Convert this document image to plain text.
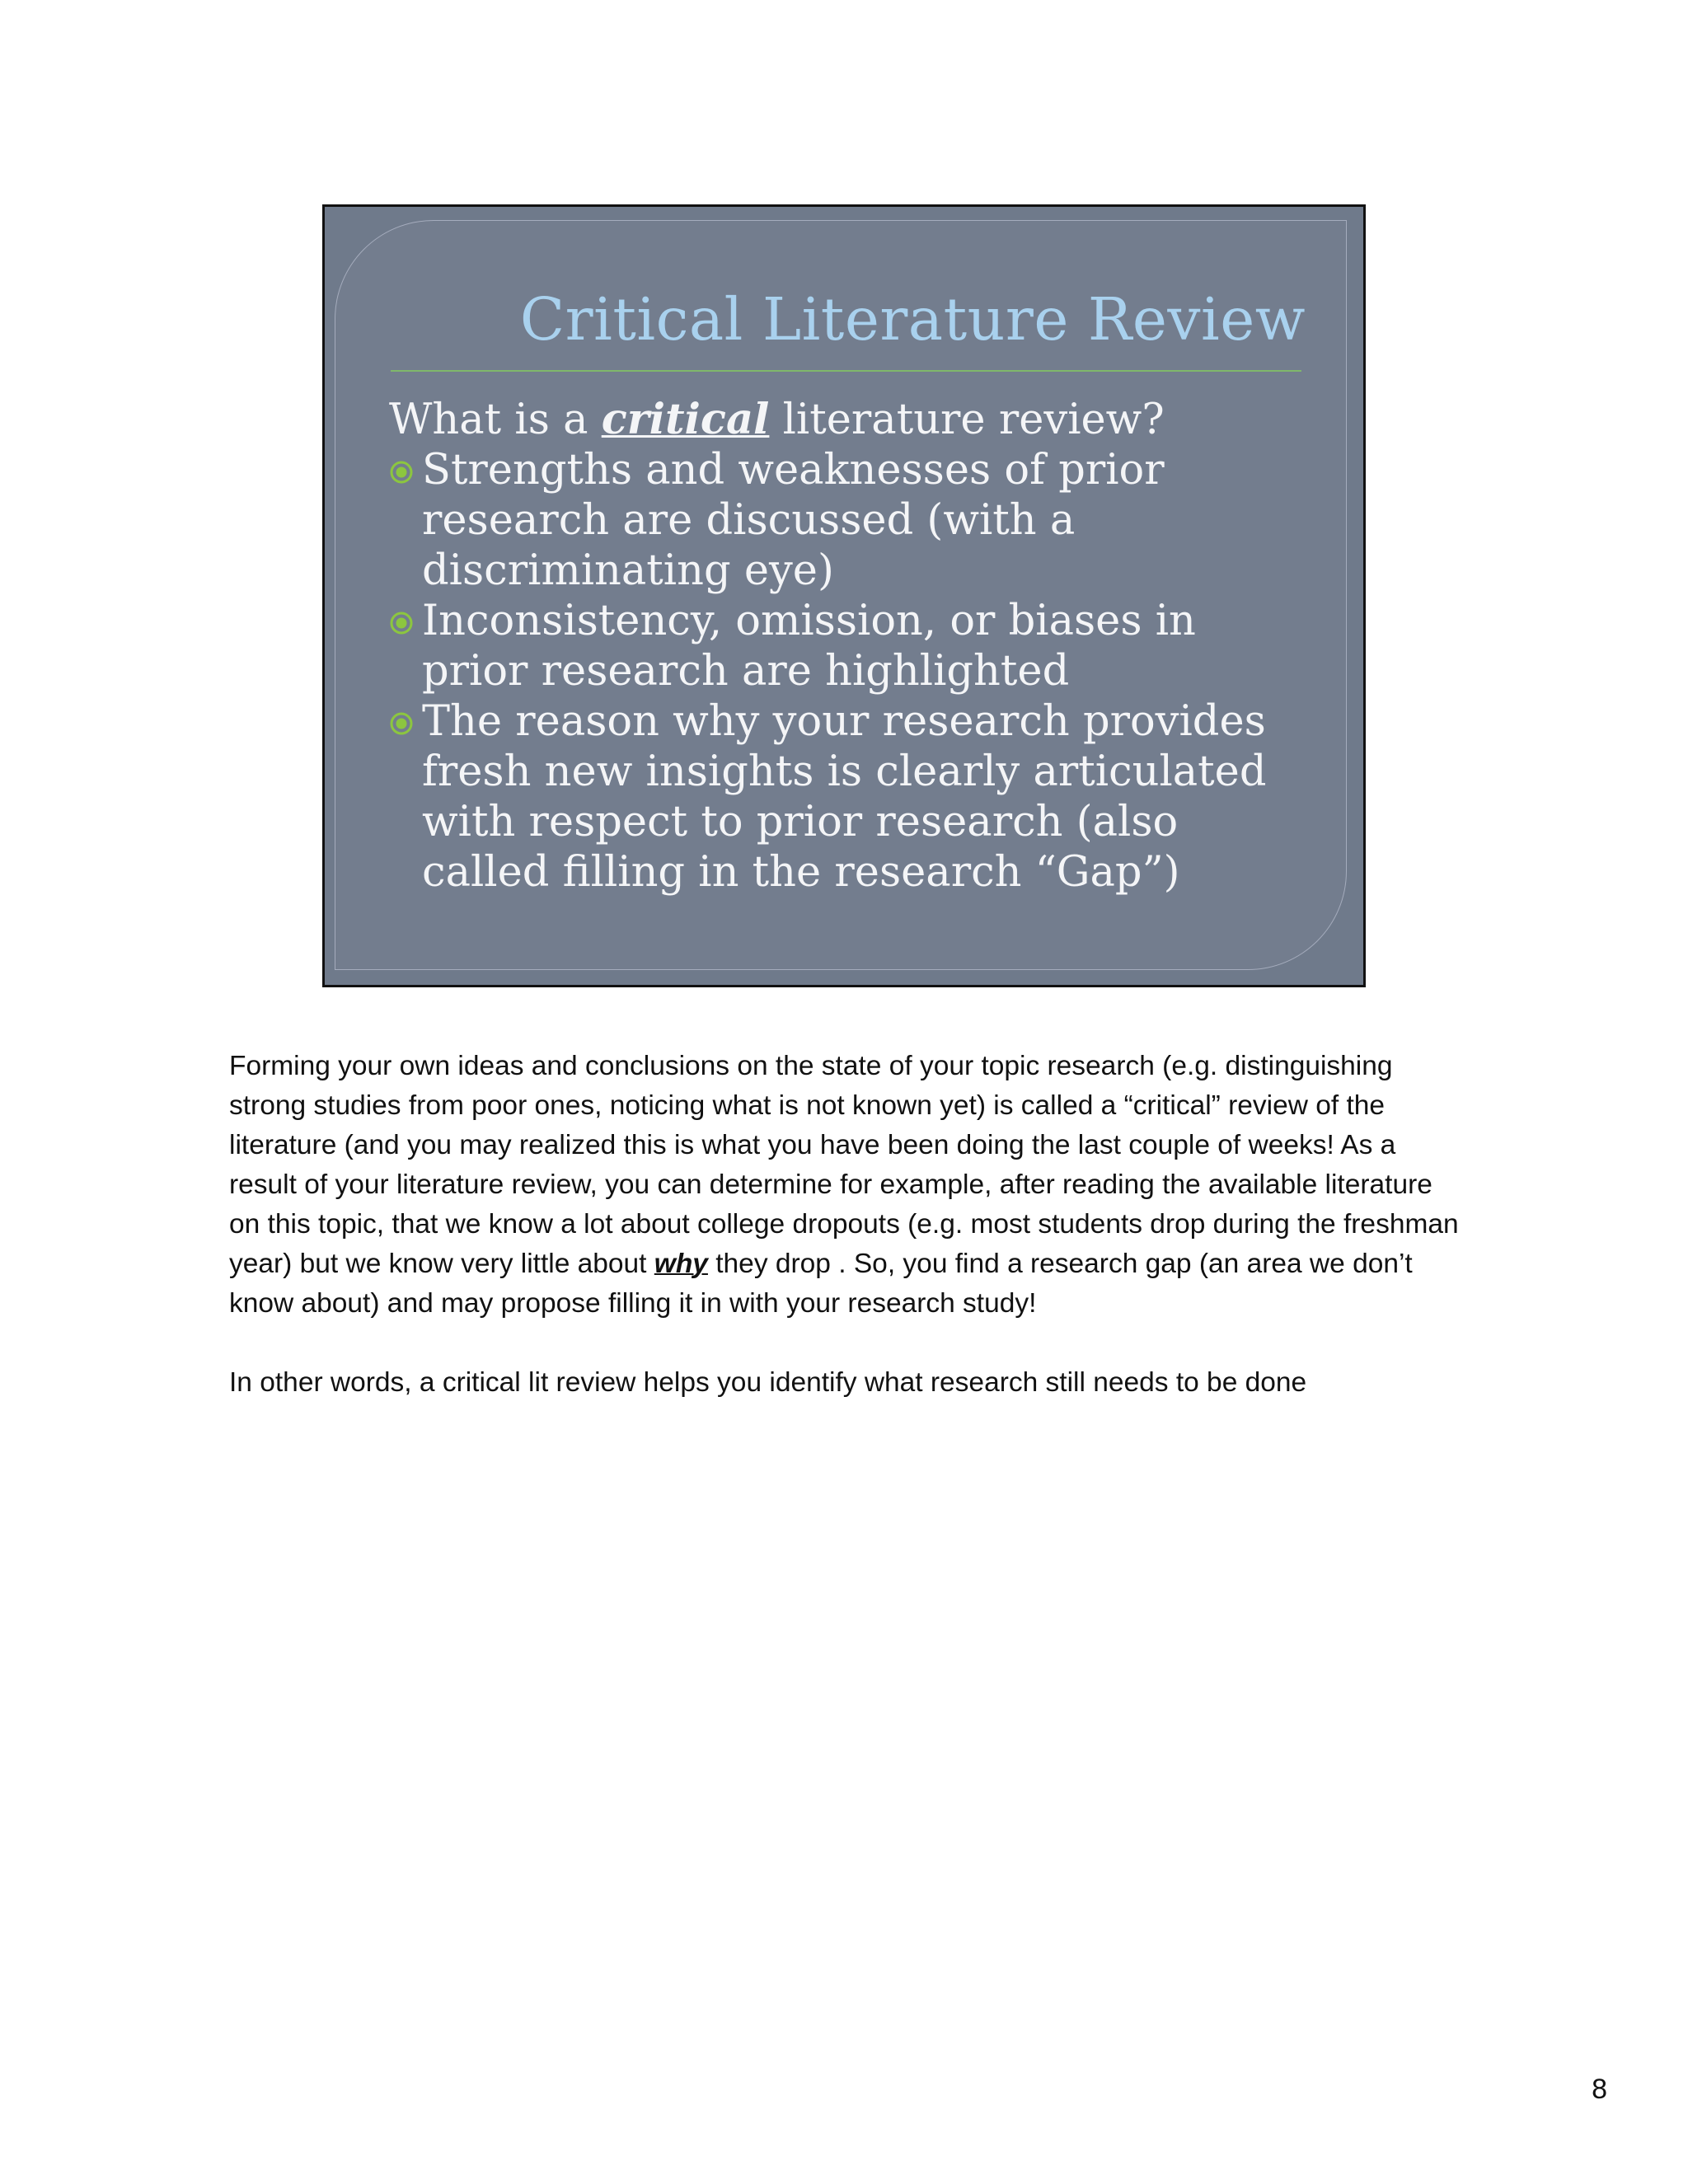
Critical Literature Review

What is a critical literature review?

Strengths and weaknesses of prior research are discussed (with a discriminating eye)
Inconsistency, omission, or biases in prior research are highlighted
The reason why your research provides fresh new insights is clearly articulated with respect to prior research (also called filling in the research “Gap”)

Forming your own ideas and conclusions on the state of your topic research (e.g. distinguishing strong studies from poor ones, noticing what is not known yet) is called a “critical” review of the literature (and you may realized this is what you have been doing the last couple of weeks! As a result of your literature review, you can determine for example, after reading the available literature on this topic, that we know a lot about college dropouts (e.g. most students drop during the freshman year) but we know very little about why they drop . So, you find a research gap (an area we don’t know about) and may propose filling it in with your research study!

In other words, a critical lit review helps you identify what research still needs to be done

8
